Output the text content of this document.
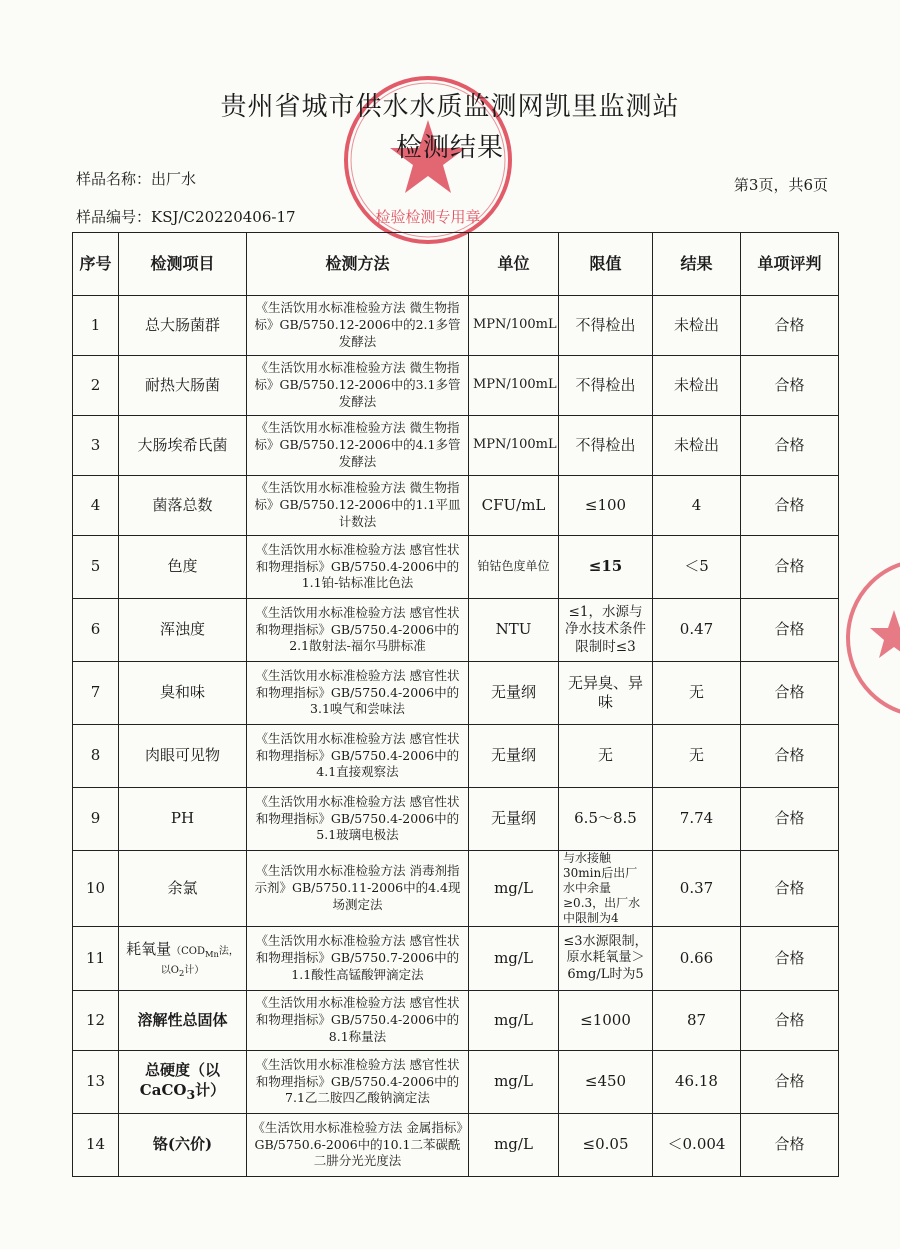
检验检测专用章
贵州省城市供水水质监测网凯里监测站
检测结果
样品名称：出厂水	第3页，共6页
样品编号：KSJ/C20220406-17
序号	检测项目	检测方法	单位	限值	结果	单项评判
1	总大肠菌群	《生活饮用水标准检验方法 微生物指标》GB/5750.12-2006中的2.1多管发酵法	MPN/100mL	不得检出	未检出	合格
2	耐热大肠菌	《生活饮用水标准检验方法 微生物指标》GB/5750.12-2006中的3.1多管发酵法	MPN/100mL	不得检出	未检出	合格
3	大肠埃希氏菌	《生活饮用水标准检验方法 微生物指标》GB/5750.12-2006中的4.1多管发酵法	MPN/100mL	不得检出	未检出	合格
4	菌落总数	《生活饮用水标准检验方法 微生物指标》GB/5750.12-2006中的1.1平皿计数法	CFU/mL	≤100	4	合格
5	色度	《生活饮用水标准检验方法 感官性状和物理指标》GB/5750.4-2006中的1.1铂-钴标准比色法	铂钴色度单位	≤15	＜5	合格
6	浑浊度	《生活饮用水标准检验方法 感官性状和物理指标》GB/5750.4-2006中的2.1散射法-福尔马肼标准	NTU	≤1，水源与净水技术条件限制时≤3	0.47	合格
7	臭和味	《生活饮用水标准检验方法 感官性状和物理指标》GB/5750.4-2006中的3.1嗅气和尝味法	无量纲	无异臭、异味	无	合格
8	肉眼可见物	《生活饮用水标准检验方法 感官性状和物理指标》GB/5750.4-2006中的4.1直接观察法	无量纲	无	无	合格
9	PH	《生活饮用水标准检验方法 感官性状和物理指标》GB/5750.4-2006中的5.1玻璃电极法	无量纲	6.5～8.5	7.74	合格
10	余氯	《生活饮用水标准检验方法 消毒剂指示剂》GB/5750.11-2006中的4.4现场测定法	mg/L	与水接触30min后出厂水中余量≥0.3，出厂水中限制为4	0.37	合格
11	耗氧量（$COD_{Mn}$法，以$O_2$计）	《生活饮用水标准检验方法 感官性状和物理指标》GB/5750.7-2006中的1.1酸性高锰酸钾滴定法	mg/L	≤3水源限制，原水耗氧量＞6mg/L时为5	0.66	合格
12	溶解性总固体	《生活饮用水标准检验方法 感官性状和物理指标》GB/5750.4-2006中的8.1称量法	mg/L	≤1000	87	合格
13	总硬度（以CaCO$_3$计）	《生活饮用水标准检验方法 感官性状和物理指标》GB/5750.4-2006中的7.1乙二胺四乙酸钠滴定法	mg/L	≤450	46.18	合格
14	铬(六价)	《生活饮用水标准检验方法 金属指标》GB/5750.6-2006中的10.1二苯碳酰二肼分光光度法	mg/L	≤0.05	＜0.004	合格
